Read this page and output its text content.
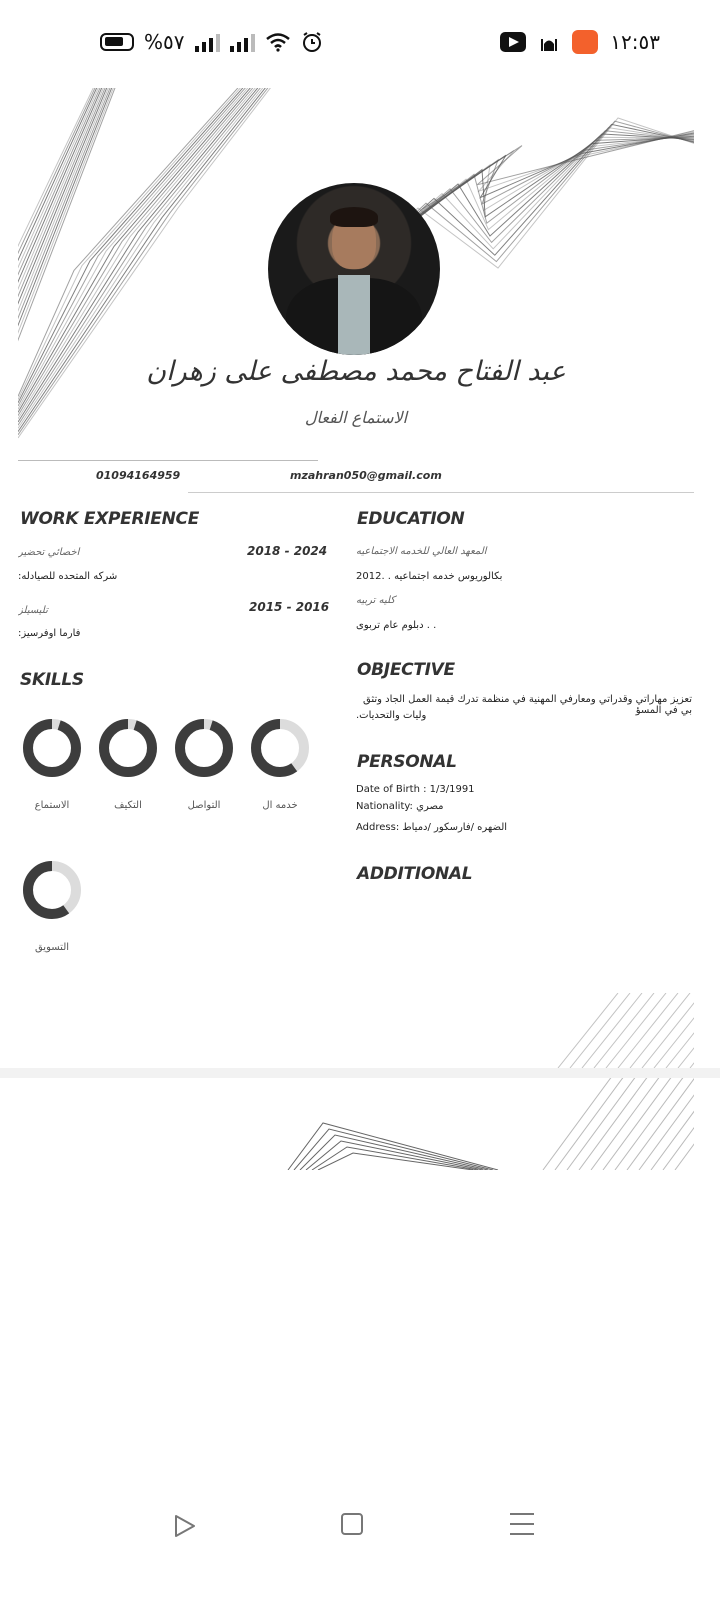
%٥٧	١٢:٥٣
عبد الفتاح محمد مصطفى على زهران
الاستماع الفعال
01094164959	mzahran050@gmail.com
WORK EXPERIENCE
اخصائي تحضير	2018 - 2024
شركه المتحده للصيادله:
تليسيلز	2015 - 2016
فارما اوفرسيز:
SKILLS
الاستماع	التكيف	التواصل	خدمه ال
التسويق
EDUCATION
المعهد العالي للخدمه الاجتماعيه
بكالوريوس خدمه اجتماعيه . .2012
كليه تربيه
. . دبلوم عام تربوى
OBJECTIVE
تعزيز مهاراتي وقدراتي ومعارفي المهنية في منظمة تدرك قيمة العمل الجاد وتثق بي في المسؤ
وليات والتحديات.
PERSONAL
Date of Birth : 1/3/1991
Nationality: مصري
Address: الضهره /فارسكور /دمياط
ADDITIONAL
